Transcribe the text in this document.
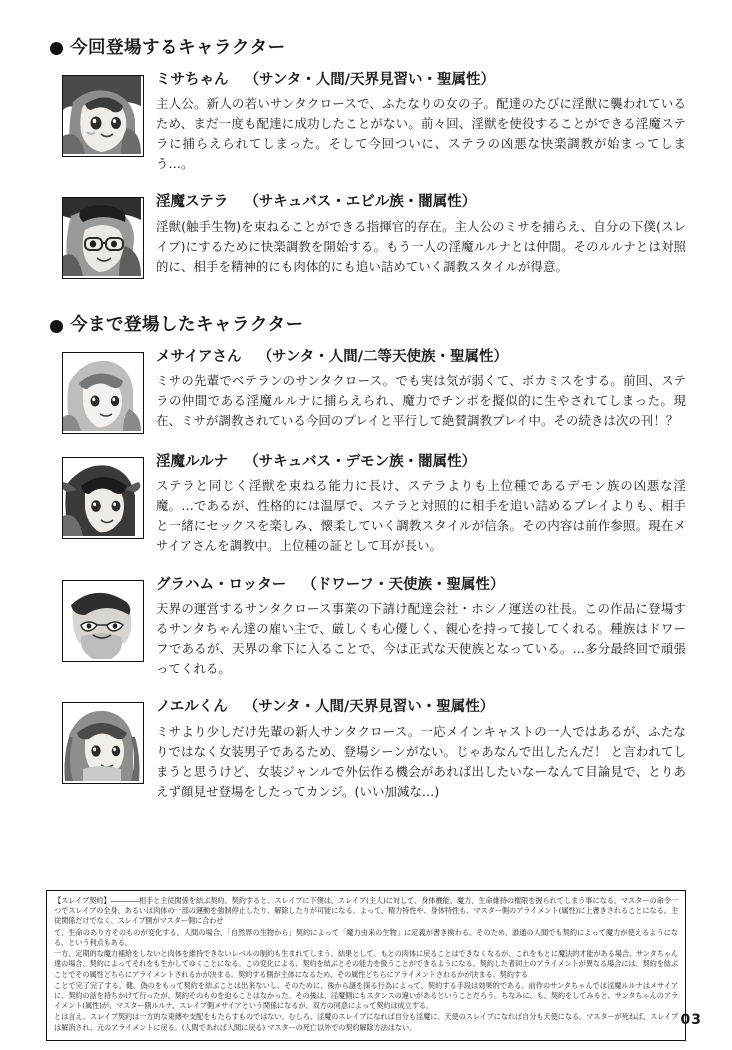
今回登場するキャラクター
ミサちゃん （サンタ・人間/天界見習い・聖属性）

主人公。新人の若いサンタクロースで、ふたなりの女の子。配達のたびに淫獣に襲われているため、まだ一度も配達に成功したことがない。前々回、淫獣を使役することができる淫魔ステラに捕らえられてしまった。そして今回ついに、ステラの凶悪な快楽調教が始まってしまう…。

淫魔ステラ （サキュバス・エビル族・闇属性）

淫獣(触手生物)を束ねることができる指揮官的存在。主人公のミサを捕らえ、自分の下僕(スレイブ)にするために快楽調教を開始する。もう一人の淫魔ルルナとは仲間。そのルルナとは対照的に、相手を精神的にも肉体的にも追い詰めていく調教スタイルが得意。

今まで登場したキャラクター
メサイアさん （サンタ・人間/二等天使族・聖属性）

ミサの先輩でベテランのサンタクロース。でも実は気が弱くて、ボカミスをする。前回、ステラの仲間である淫魔ルルナに捕らえられ、魔力でチンポを擬似的に生やされてしまった。現在、ミサが調教されている今回のプレイと平行して絶賛調教プレイ中。その続きは次の刊！？

淫魔ルルナ （サキュバス・デモン族・闇属性）

ステラと同じく淫獣を束ねる能力に長け、ステラよりも上位種であるデモン族の凶悪な淫魔。…であるが、性格的には温厚で、ステラと対照的に相手を追い詰めるプレイよりも、相手と一緒にセックスを楽しみ、懐柔していく調教スタイルが信条。その内容は前作参照。現在メサイアさんを調教中。上位種の証として耳が長い。

グラハム・ロッター （ドワーフ・天使族・聖属性）

天界の運営するサンタクロース事業の下請け配達会社・ホシノ運送の社長。この作品に登場するサンタちゃん達の雇い主で、厳しくも心優しく、親心を持って接してくれる。種族はドワーフであるが、天界の傘下に入ることで、今は正式な天使族となっている。…多分最終回で頑張ってくれる。

ノエルくん （サンタ・人間/天界見習い・聖属性）

ミサより少しだけ先輩の新人サンタクロース。一応メインキャストの一人ではあるが、ふたなりではなく女装男子であるため、登場シーンがない。じゃあなんで出したんだ！ と言われてしまうと思うけど、女装ジャンルで外伝作る機会があれば出したいなーなんて目論見で、とりあえず顔見せ登場をしたってカンジ。(いい加減な…)

【スレイブ契約】――――相手と主従関係を結ぶ契約。契約すると、スレイブに下僕は、スレイブ(主人)に対して、身体機能、魔力、生命維持の権限を握られてしまう事になる。マスターの命令一つでスレイブの全身、あるいは肉体の一部の運動を強制停止したり、解除したりが可能になる。よって、精力特性や、身体特性も、マスター側のアライメント(属性)に上書きされることになる。主従関係だけでなく、スレイブ側がマスター側に合わせ

て、生命のあり方そのものが変化する。人間の場合、「自然界の生物から」契約によって「魔力由来の生物」に定義が書き換わる。そのため、誰通の人間でも契約によって魔力が使えるようになる、という利点もある。

一方、定期的な魔力補給をしないと肉体を維持できないレベルの制約も生まれてしまう。結果として、もとの肉体に戻ることはできなくなるが、これをもとに魔法的才能がある場合、サンタちゃん達の場合、契約によってそれをも生かしてゆくことになる。この変化による、契約を結ぶとその能力を扱うことができるようになる。契約した者同士のアライメントが異なる場合には、契約を結ぶことでその属性どちらにアライメントされるかが決まる。契約する側が主体になるため、その属性どちらにアライメントされるかが決まる。契約する

ことで完了完了する。健、偽のをもって契約を結ぶことは出来ないし、そのために、後から謎を探る行為によって、契約する手段は効果的である。前作のサンタちゃんでは淫魔ルルナはメサイアに、契約の話を持ちかけて行ったが、契約そのものを迫ることはなかった。その後は、淫魔側にもスタンスの違いがあるということだろう。ちなみに、も、契約をしてみると、サンタちゃんのアライメント(属性)が、マスター側ルルナ、スレイブ側メサイアという関係になるが、双方の同意によって契約は成立する。

とは言え、スレイブ契約は一方的な束縛や支配をもたらすものではない。むしろ、淫魔のスレイブになれば自分も淫魔に、天使のスレイブになれば自分も天使になる。マスターが死ねば、スレイブは解消され、元のアライメントに戻る。(人間であれば人間に戻る) マスターの死亡以外での契約解除方法はない。	03
